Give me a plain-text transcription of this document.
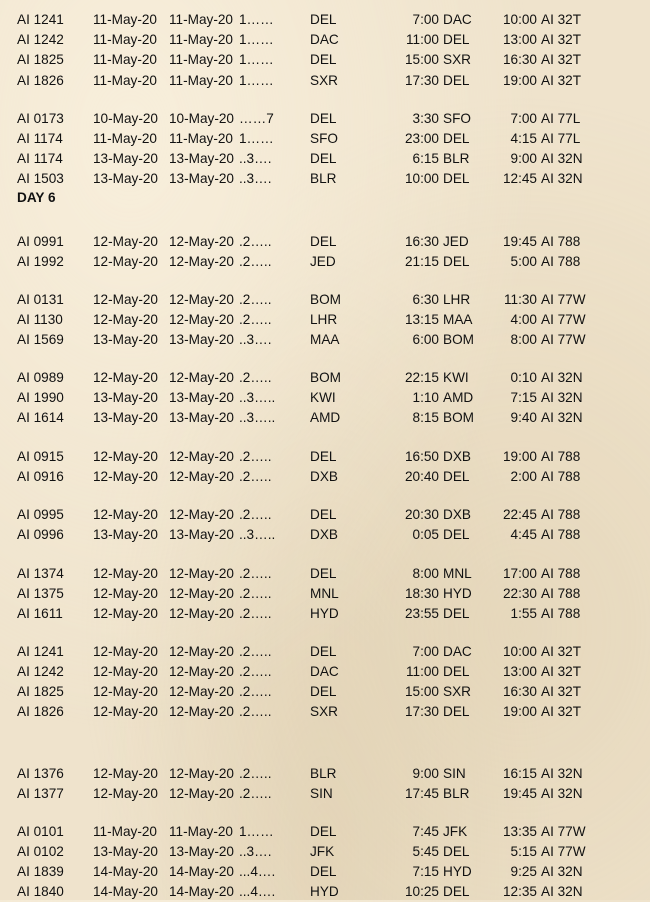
DAY 6
AI 1241 11-May-20 11-May-20 1……	DEL	7:00 DAC 10:00 AI 32T
AI 1242 11-May-20 11-May-20 1……	DAC	11:00 DEL 13:00 AI 32T
AI 1825 11-May-20 11-May-20 1……	DEL	15:00 SXR 16:30 AI 32T
AI 1826 11-May-20 11-May-20 1……	SXR	17:30 DEL 19:00 AI 32T
AI 0173 10-May-20 10-May-20 ……7	DEL	3:30 SFO	7:00 AI 77L
AI 1174 11-May-20 11-May-20 1……	SFO	23:00 DEL	4:15 AI 77L
AI 1174 13-May-20 13-May-20 ..3….	DEL	6:15 BLR	9:00 AI 32N
AI 1503 13-May-20 13-May-20 ..3….	BLR	10:00 DEL 12:45 AI 32N
AI 0991 12-May-20 12-May-20 .2…..	DEL	16:30 JED	19:45 AI 788
AI 1992 12-May-20 12-May-20 .2…..	JED	21:15 DEL	5:00 AI 788
AI 0131 12-May-20 12-May-20 .2…..	BOM	6:30 LHR 11:30 AI 77W
AI 1130 12-May-20 12-May-20 .2…..	LHR	13:15 MAA	4:00 AI 77W
AI 1569 13-May-20 13-May-20 ..3….	MAA	6:00 BOM	8:00 AI 77W
AI 0989 12-May-20 12-May-20 .2…..	BOM	22:15 KWI	0:10 AI 32N
AI 1990 13-May-20 13-May-20 ..3…..	KWI	1:10 AMD	7:15 AI 32N
AI 1614 13-May-20 13-May-20 ..3…..	AMD	8:15 BOM	9:40 AI 32N
AI 0915 12-May-20 12-May-20 .2…..	DEL	16:50 DXB 19:00 AI 788
AI 0916 12-May-20 12-May-20 .2…..	DXB	20:40 DEL	2:00 AI 788
AI 0995 12-May-20 12-May-20 .2…..	DEL	20:30 DXB 22:45 AI 788
AI 0996 13-May-20 13-May-20 ..3…..	DXB	0:05 DEL	4:45 AI 788
AI 1374 12-May-20 12-May-20 .2…..	DEL	8:00 MNL 17:00 AI 788
AI 1375 12-May-20 12-May-20 .2…..	MNL	18:30 HYD 22:30 AI 788
AI 1611 12-May-20 12-May-20 .2…..	HYD	23:55 DEL	1:55 AI 788
AI 1241 12-May-20 12-May-20 .2…..	DEL	7:00 DAC 10:00 AI 32T
AI 1242 12-May-20 12-May-20 .2…..	DAC	11:00 DEL 13:00 AI 32T
AI 1825 12-May-20 12-May-20 .2…..	DEL	15:00 SXR 16:30 AI 32T
AI 1826 12-May-20 12-May-20 .2…..	SXR	17:30 DEL 19:00 AI 32T
AI 1376 12-May-20 12-May-20 .2…..	BLR	9:00 SIN	16:15 AI 32N
AI 1377 12-May-20 12-May-20 .2…..	SIN	17:45 BLR 19:45 AI 32N
AI 0101 11-May-20 11-May-20 1……	DEL	7:45 JFK	13:35 AI 77W
AI 0102 13-May-20 13-May-20 ..3….	JFK	5:45 DEL	5:15 AI 77W
AI 1839 14-May-20 14-May-20 ...4….	DEL	7:15 HYD	9:25 AI 32N
AI 1840 14-May-20 14-May-20 ...4….	HYD	10:25 DEL 12:35 AI 32N
